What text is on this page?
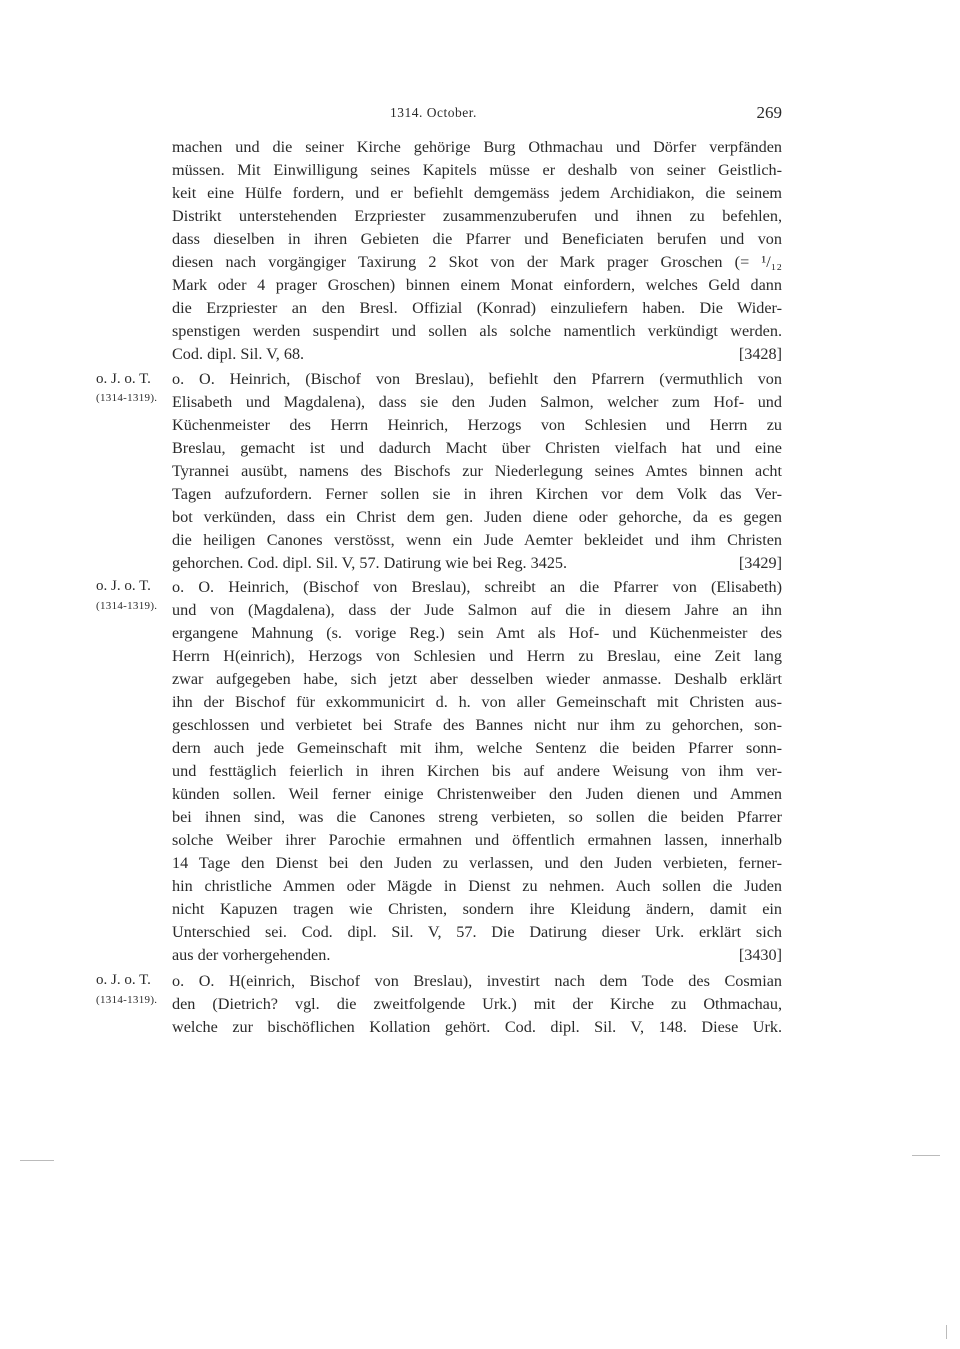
1314. October.	269
machen und die seiner Kirche gehörige Burg Othmachau und Dörfer verpfänden
müssen. Mit Einwilligung seines Kapitels müsse er deshalb von seiner Geistlich-
keit eine Hülfe fordern, und er befiehlt demgemäss jedem Archidiakon, die seinem
Distrikt unterstehenden Erzpriester zusammenzuberufen und ihnen zu befehlen,
dass dieselben in ihren Gebieten die Pfarrer und Beneficiaten berufen und von
diesen nach vorgängiger Taxirung 2 Skot von der Mark prager Groschen (= ¹/₁₂
Mark oder 4 prager Groschen) binnen einem Monat einfordern, welches Geld dann
die Erzpriester an den Bresl. Offizial (Konrad) einzuliefern haben. Die Wider-
spenstigen werden suspendirt und sollen als solche namentlich verkündigt werden.
Cod. dipl. Sil. V, 68.	[3428]
o. J. o. T.
(1314-1319).
o. O. Heinrich, (Bischof von Breslau), befiehlt den Pfarrern (vermuthlich von
Elisabeth und Magdalena), dass sie den Juden Salmon, welcher zum Hof- und
Küchenmeister des Herrn Heinrich, Herzogs von Schlesien und Herrn zu
Breslau, gemacht ist und dadurch Macht über Christen vielfach hat und eine
Tyrannei ausübt, namens des Bischofs zur Niederlegung seines Amtes binnen acht
Tagen aufzufordern. Ferner sollen sie in ihren Kirchen vor dem Volk das Ver-
bot verkünden, dass ein Christ dem gen. Juden diene oder gehorche, da es gegen
die heiligen Canones verstösst, wenn ein Jude Aemter bekleidet und ihm Christen
gehorchen. Cod. dipl. Sil. V, 57. Datirung wie bei Reg. 3425.	[3429]
o. J. o. T.
(1314-1319).
o. O. Heinrich, (Bischof von Breslau), schreibt an die Pfarrer von (Elisabeth)
und von (Magdalena), dass der Jude Salmon auf die in diesem Jahre an ihn
ergangene Mahnung (s. vorige Reg.) sein Amt als Hof- und Küchenmeister des
Herrn H(einrich), Herzogs von Schlesien und Herrn zu Breslau, eine Zeit lang
zwar aufgegeben habe, sich jetzt aber desselben wieder anmasse. Deshalb erklärt
ihn der Bischof für exkommunicirt d. h. von aller Gemeinschaft mit Christen aus-
geschlossen und verbietet bei Strafe des Bannes nicht nur ihm zu gehorchen, son-
dern auch jede Gemeinschaft mit ihm, welche Sentenz die beiden Pfarrer sonn-
und festtäglich feierlich in ihren Kirchen bis auf andere Weisung von ihm ver-
künden sollen. Weil ferner einige Christenweiber den Juden dienen und Ammen
bei ihnen sind, was die Canones streng verbieten, so sollen die beiden Pfarrer
solche Weiber ihrer Parochie ermahnen und öffentlich ermahnen lassen, innerhalb
14 Tage den Dienst bei den Juden zu verlassen, und den Juden verbieten, ferner-
hin christliche Ammen oder Mägde in Dienst zu nehmen. Auch sollen die Juden
nicht Kapuzen tragen wie Christen, sondern ihre Kleidung ändern, damit ein
Unterschied sei. Cod. dipl. Sil. V, 57. Die Datirung dieser Urk. erklärt sich
aus der vorhergehenden.	[3430]
o. J. o. T.
(1314-1319).
o. O. H(einrich, Bischof von Breslau), investirt nach dem Tode des Cosmian
den (Dietrich? vgl. die zweitfolgende Urk.) mit der Kirche zu Othmachau,
welche zur bischöflichen Kollation gehört. Cod. dipl. Sil. V, 148. Diese Urk.
